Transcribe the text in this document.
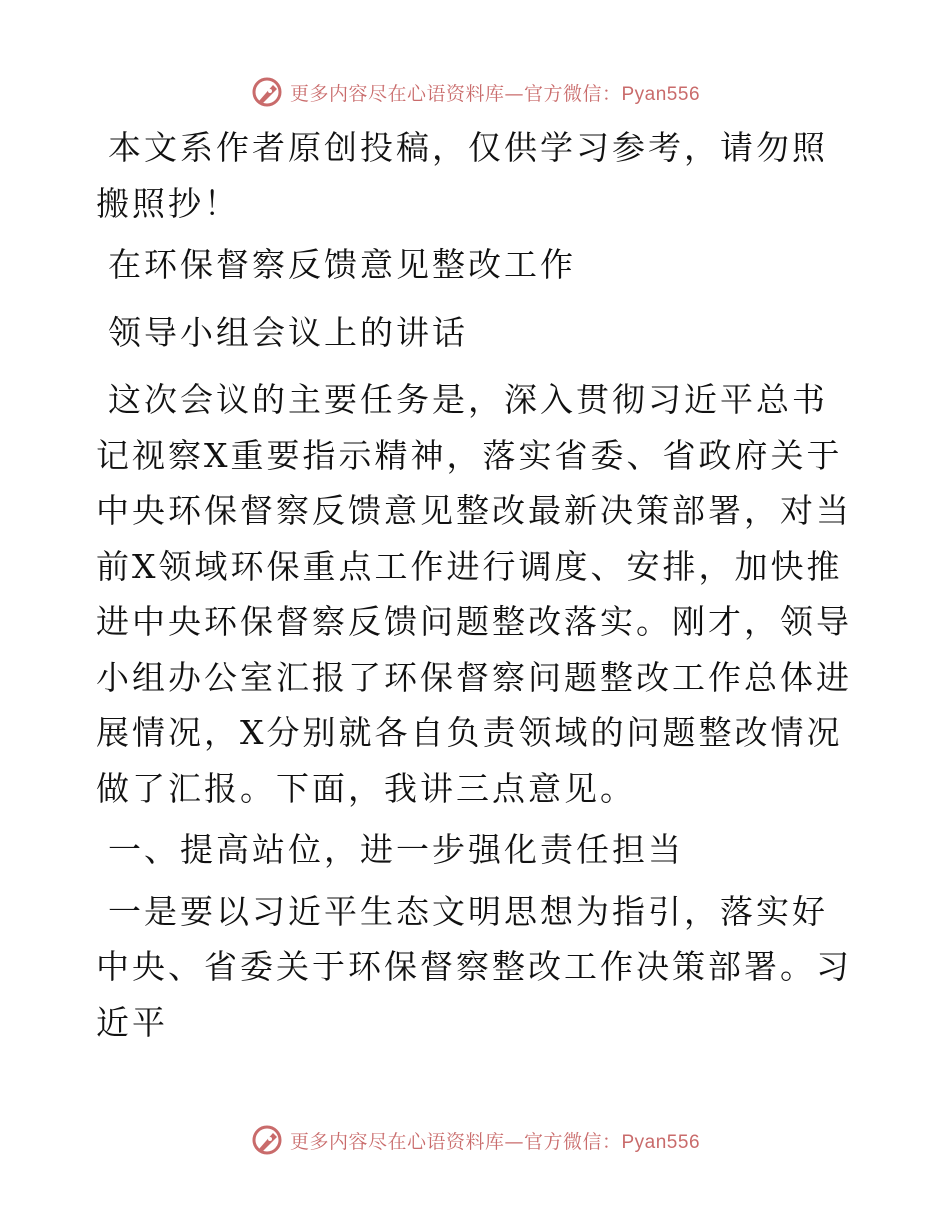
更多内容尽在心语资料库—官方微信：Pyan556

本文系作者原创投稿，仅供学习参考，请勿照搬照抄！

在环保督察反馈意见整改工作

领导小组会议上的讲话

这次会议的主要任务是，深入贯彻习近平总书记视察X重要指示精神，落实省委、省政府关于中央环保督察反馈意见整改最新决策部署，对当前X领域环保重点工作进行调度、安排，加快推进中央环保督察反馈问题整改落实。刚才，领导小组办公室汇报了环保督察问题整改工作总体进展情况，X分别就各自负责领域的问题整改情况做了汇报。下面，我讲三点意见。

一、提高站位，进一步强化责任担当

一是要以习近平生态文明思想为指引，落实好中央、省委关于环保督察整改工作决策部署。习近平

更多内容尽在心语资料库—官方微信：Pyan556
